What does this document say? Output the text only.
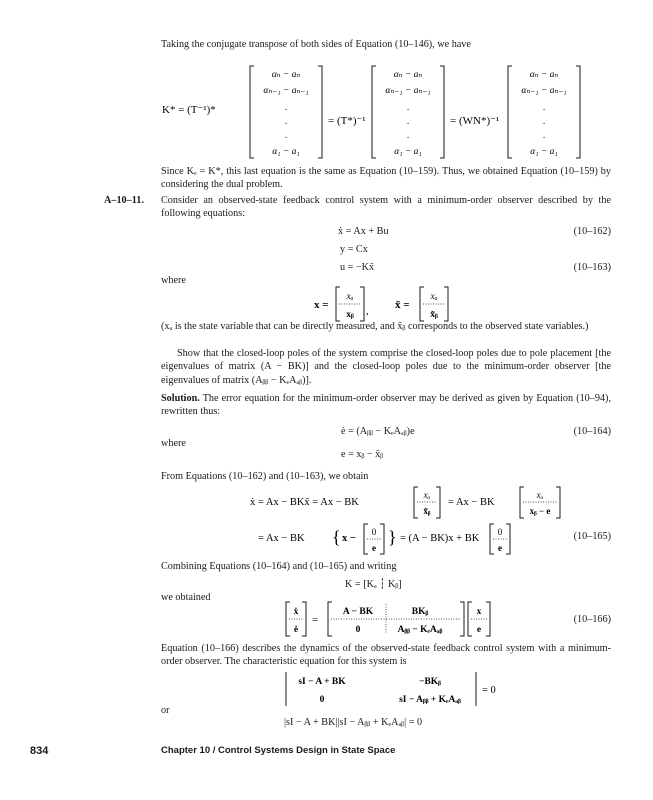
Taking the conjugate transpose of both sides of Equation (10–146), we have
K* = (T⁻¹)*
αₙ − aₙ
αₙ₋₁ − aₙ₋₁
.
.
.
α₁ − a₁
= (T*)⁻¹
αₙ − aₙ
αₙ₋₁ − aₙ₋₁
.
.
.
α₁ − a₁
= (WN*)⁻¹
αₙ − aₙ
αₙ₋₁ − aₙ₋₁
.
.
.
α₁ − a₁
Since Kₑ = K*, this last equation is the same as Equation (10–159). Thus, we obtained Equation (10–159) by considering the dual problem.
A–10–11. Consider an observed-state feedback control system with a minimum-order observer described by the following equations:
ẋ = Ax + Bu	(10–162)
y = Cx
u = −Kx̃	(10–163)
where
x =
xₐ
xᵦ , x̃ =
xₐ
x̃ᵦ
(xₐ is the state variable that can be directly measured, and x̃ᵦ corresponds to the observed state variables.)
Show that the closed-loop poles of the system comprise the closed-loop poles due to pole placement [the eigenvalues of matrix (A − BK)] and the closed-loop poles due to the minimum-order observer [the eigenvalues of matrix (Aᵦᵦ − KₑAₐᵦ)].
Solution. The error equation for the minimum-order observer may be derived as given by Equation (10–94), rewritten thus:
ė = (Aᵦᵦ − KₑAₐᵦ)e	(10–164)
where
e = xᵦ − x̃ᵦ
From Equations (10–162) and (10–163), we obtain
ẋ = Ax − BKx̃ = Ax − BK
xₐ
x̃ᵦ
= Ax − BK
xₐ
xᵦ − e
= Ax − BK { x −
0
e
} = (A − BK)x + BK
0
e
(10–165)
Combining Equations (10–164) and (10–165) and writing
K = [Kₐ ┆ Kᵦ]
we obtained
ẋ
ė
=
A − BK	BKᵦ
0	Aᵦᵦ − KₑAₐᵦ
x
e
(10–166)
Equation (10–166) describes the dynamics of the observed-state feedback control system with a minimum-order observer. The characteristic equation for this system is
sI − A + BK	−BKᵦ
0	sI − Aᵦᵦ + KₑAₐᵦ
= 0
or
|sI − A + BK||sI − Aᵦᵦ + KₑAₐᵦ| = 0
834	Chapter 10 / Control Systems Design in State Space
